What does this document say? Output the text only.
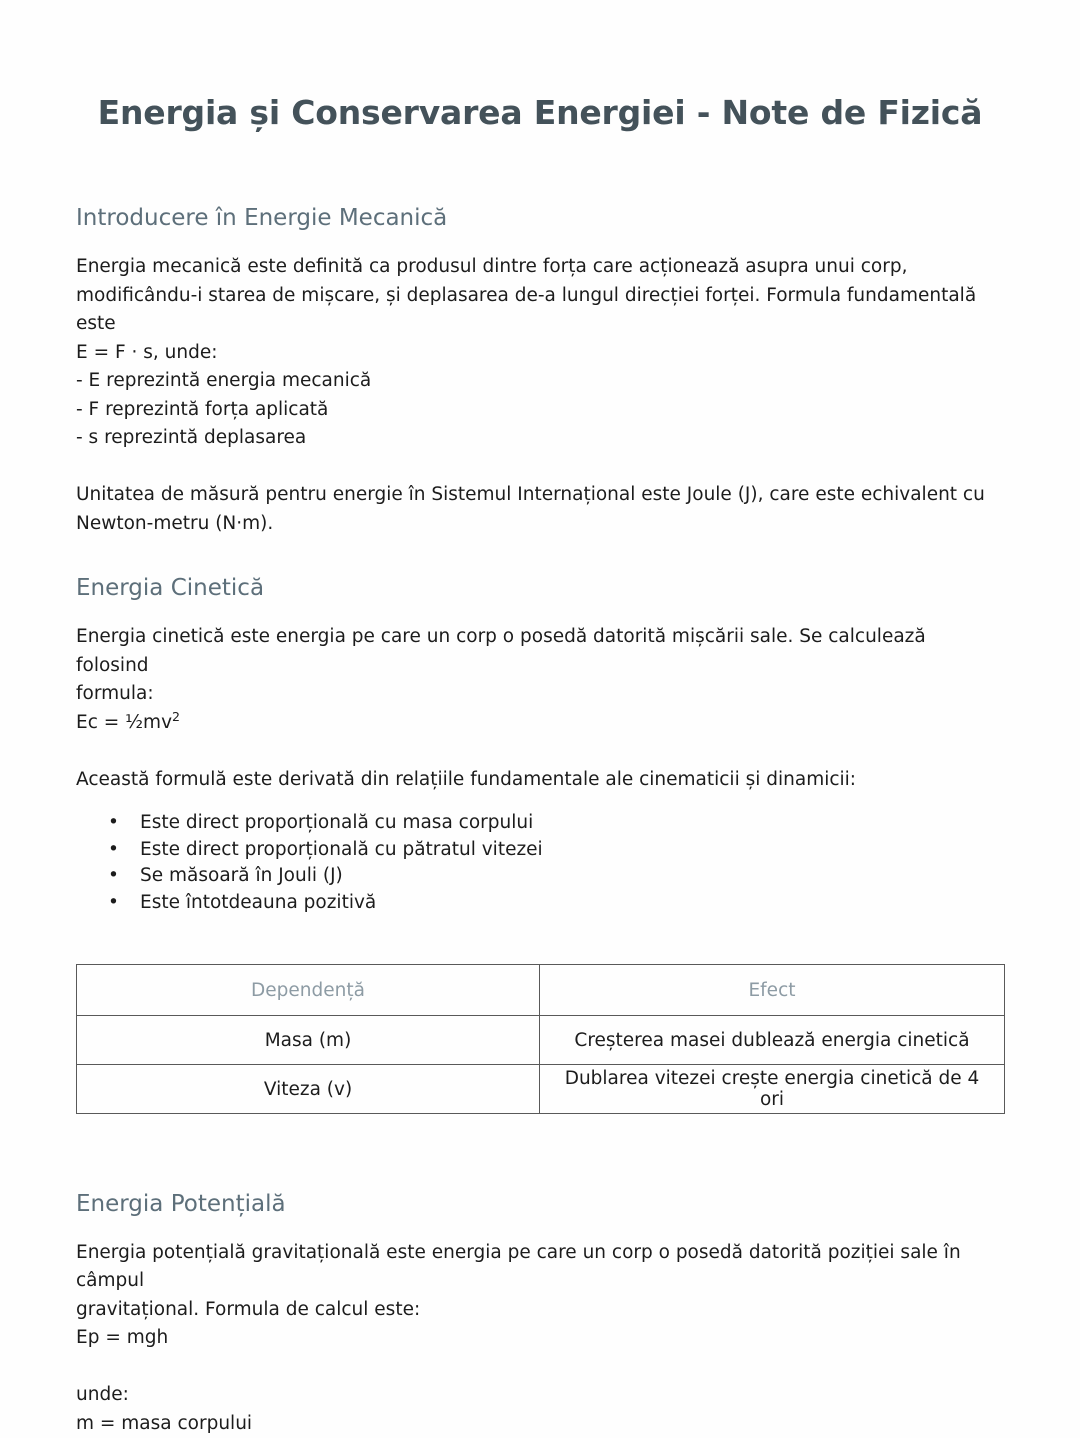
Energia și Conservarea Energiei - Note de Fizică
Introducere în Energie Mecanică
Energia mecanică este definită ca produsul dintre forța care acționează asupra unui corp,
modificându-i starea de mișcare, și deplasarea de-a lungul direcției forței. Formula fundamentală este
E = F · s, unde:
- E reprezintă energia mecanică
- F reprezintă forța aplicată
- s reprezintă deplasarea
Unitatea de măsură pentru energie în Sistemul Internațional este Joule (J), care este echivalent cu
Newton-metru (N·m).
Energia Cinetică
Energia cinetică este energia pe care un corp o posedă datorită mișcării sale. Se calculează folosind
formula:
$Ec = \frac{1}{2}mv^2$
Această formulă este derivată din relațiile fundamentale ale cinematicii și dinamicii:
• Este direct proporțională cu masa corpului
• Este direct proporțională cu pătratul vitezei
• Se măsoară în Jouli (J)
• Este întotdeauna pozitivă
Dependență	Efect
Masa (m)	Creșterea masei dublează energia cinetică
Viteza (v)	Dublarea vitezei crește energia cinetică de 4 ori
Energia Potențială
Energia potențială gravitațională este energia pe care un corp o posedă datorită poziției sale în câmpul
gravitațional. Formula de calcul este:
Ep = mgh
unde:
m = masa corpului
